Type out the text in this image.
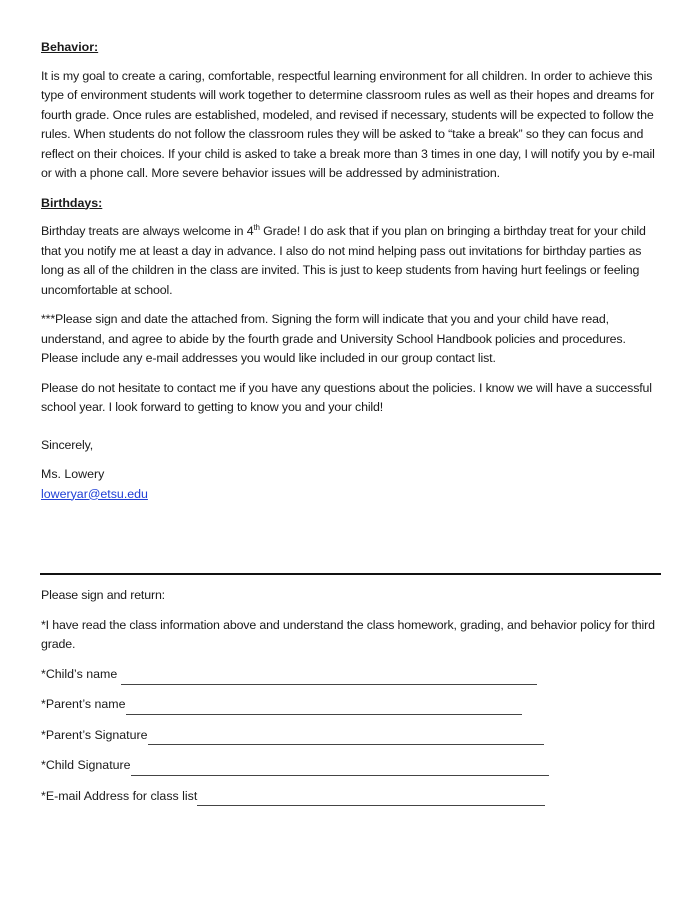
Behavior:

It is my goal to create a caring, comfortable, respectful learning environment for all children. In order to achieve this type of environment students will work together to determine classroom rules as well as their hopes and dreams for fourth grade. Once rules are established, modeled, and revised if necessary, students will be expected to follow the rules. When students do not follow the classroom rules they will be asked to “take a break” so they can focus and reflect on their choices. If your child is asked to take a break more than 3 times in one day, I will notify you by e-mail or with a phone call. More severe behavior issues will be addressed by administration.

Birthdays:

Birthday treats are always welcome in 4th Grade! I do ask that if you plan on bringing a birthday treat for your child that you notify me at least a day in advance. I also do not mind helping pass out invitations for birthday parties as long as all of the children in the class are invited. This is just to keep students from having hurt feelings or feeling uncomfortable at school.

***Please sign and date the attached from. Signing the form will indicate that you and your child have read, understand, and agree to abide by the fourth grade and University School Handbook policies and procedures. Please include any e-mail addresses you would like included in our group contact list.

Please do not hesitate to contact me if you have any questions about the policies. I know we will have a successful school year. I look forward to getting to know you and your child!

Sincerely,

Ms. Lowery
loweryar@etsu.edu

Please sign and return:

*I have read the class information above and understand the class homework, grading, and behavior policy for third grade.

*Child’s name
*Parent’s name
*Parent’s Signature
*Child Signature
*E-mail Address for class list
